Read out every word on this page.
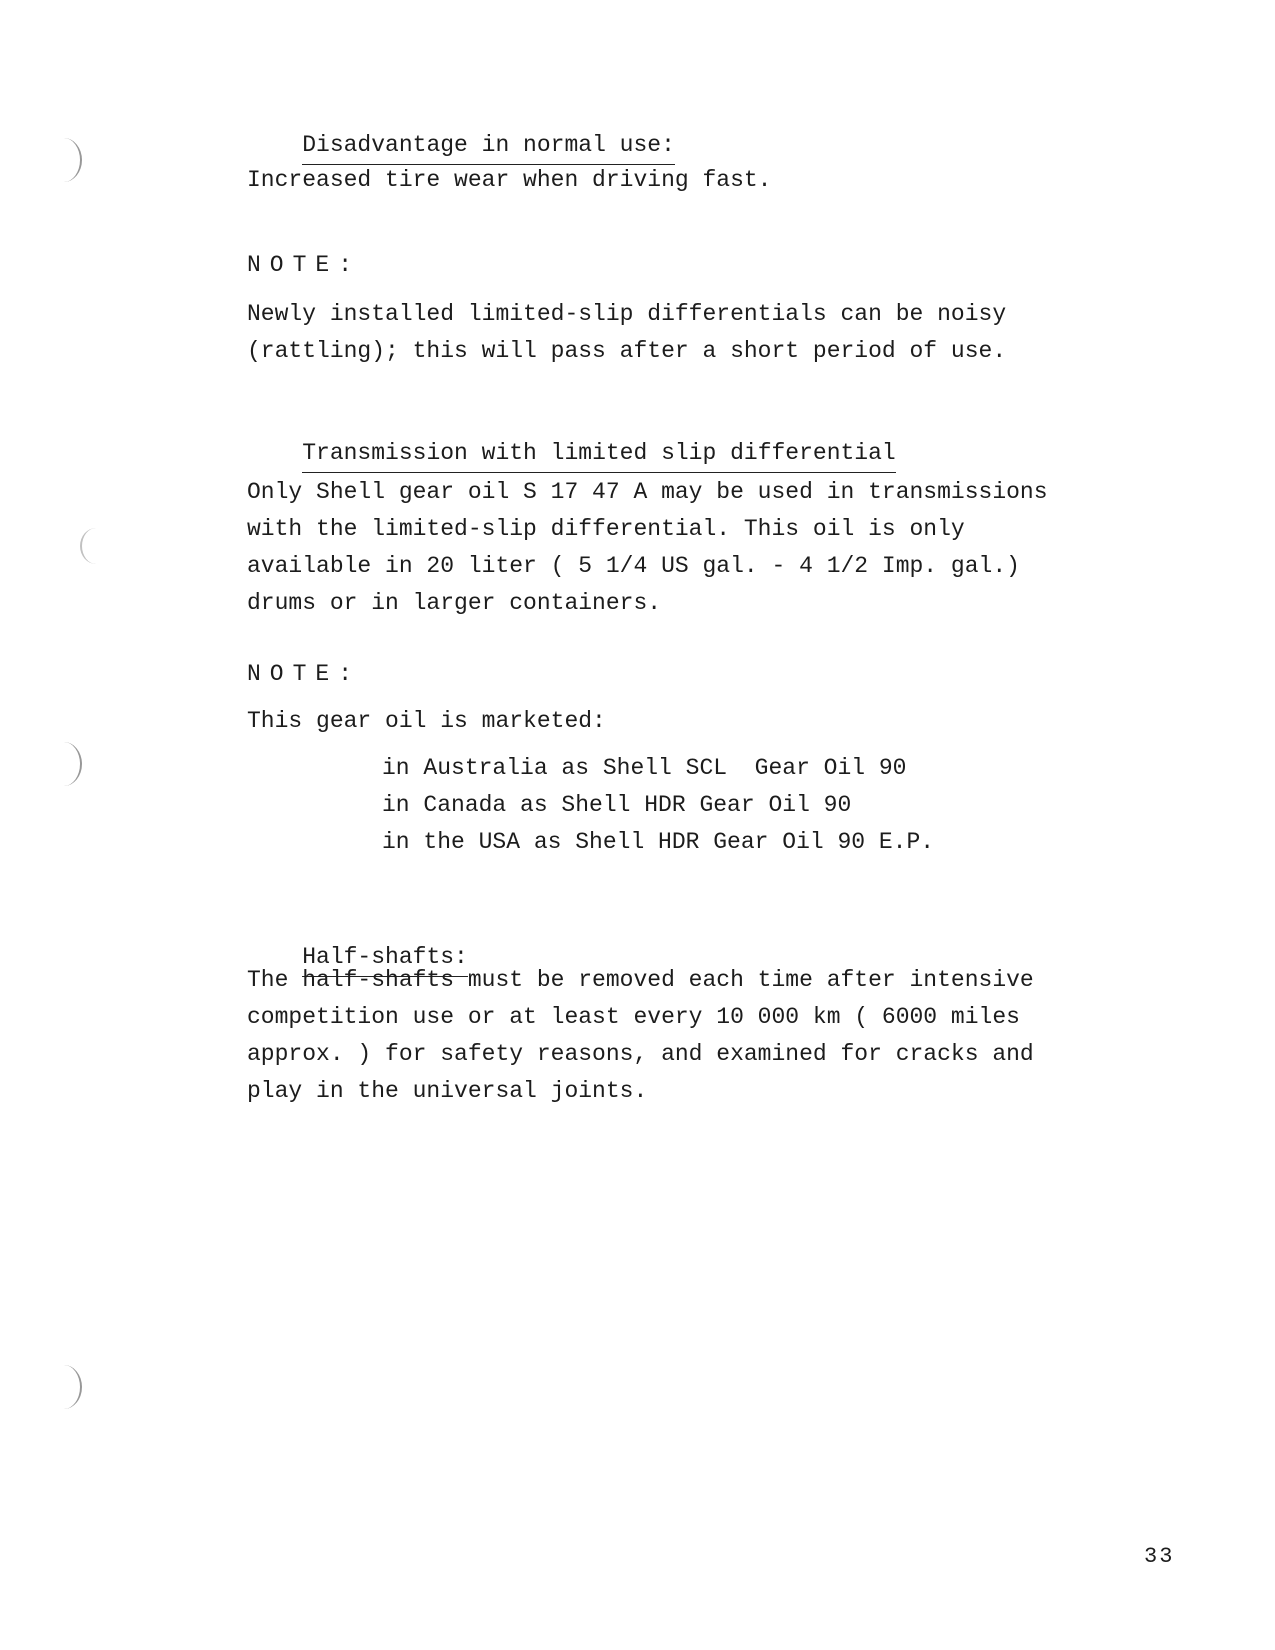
Disadvantage in normal use:

Increased tire wear when driving fast.
NOTE:
Newly installed limited-slip differentials can be noisy
(rattling); this will pass after a short period of use.

Transmission with limited slip differential

Only Shell gear oil S 17 47 A may be used in transmissions
with the limited-slip differential. This oil is only
available in 20 liter ( 5 1/4 US gal. - 4 1/2 Imp. gal.)
drums or in larger containers.
NOTE:
This gear oil is marketed:
in Australia as Shell SCL  Gear Oil 90
in Canada as Shell HDR Gear Oil 90
in the USA as Shell HDR Gear Oil 90 E.P.

Half-shafts:

The half-shafts must be removed each time after intensive
competition use or at least every 10 000 km ( 6000 miles
approx. ) for safety reasons, and examined for cracks and
play in the universal joints.
33
